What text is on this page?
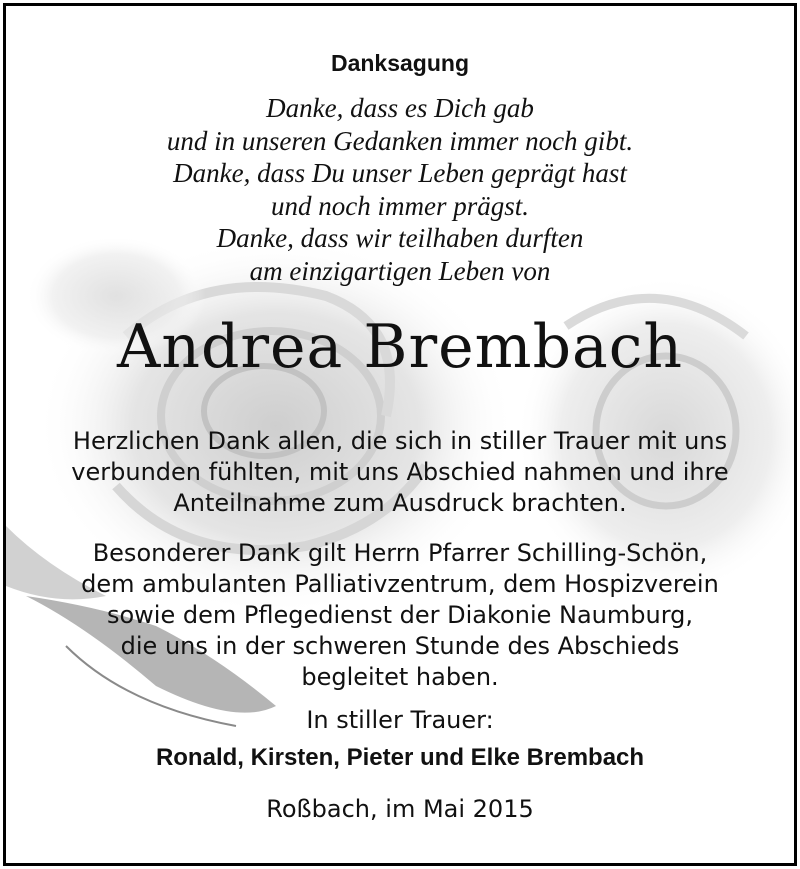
Danksagung
Danke, dass es Dich gab
und in unseren Gedanken immer noch gibt.
Danke, dass Du unser Leben geprägt hast
und noch immer prägst.
Danke, dass wir teilhaben durften
am einzigartigen Leben von
Andrea Brembach
Herzlichen Dank allen, die sich in stiller Trauer mit uns
verbunden fühlten, mit uns Abschied nahmen und ihre
Anteilnahme zum Ausdruck brachten.
Besonderer Dank gilt Herrn Pfarrer Schilling-Schön,
dem ambulanten Palliativzentrum, dem Hospizverein
sowie dem Pflegedienst der Diakonie Naumburg,
die uns in der schweren Stunde des Abschieds
begleitet haben.
In stiller Trauer:
Ronald, Kirsten, Pieter und Elke Brembach
Roßbach, im Mai 2015
